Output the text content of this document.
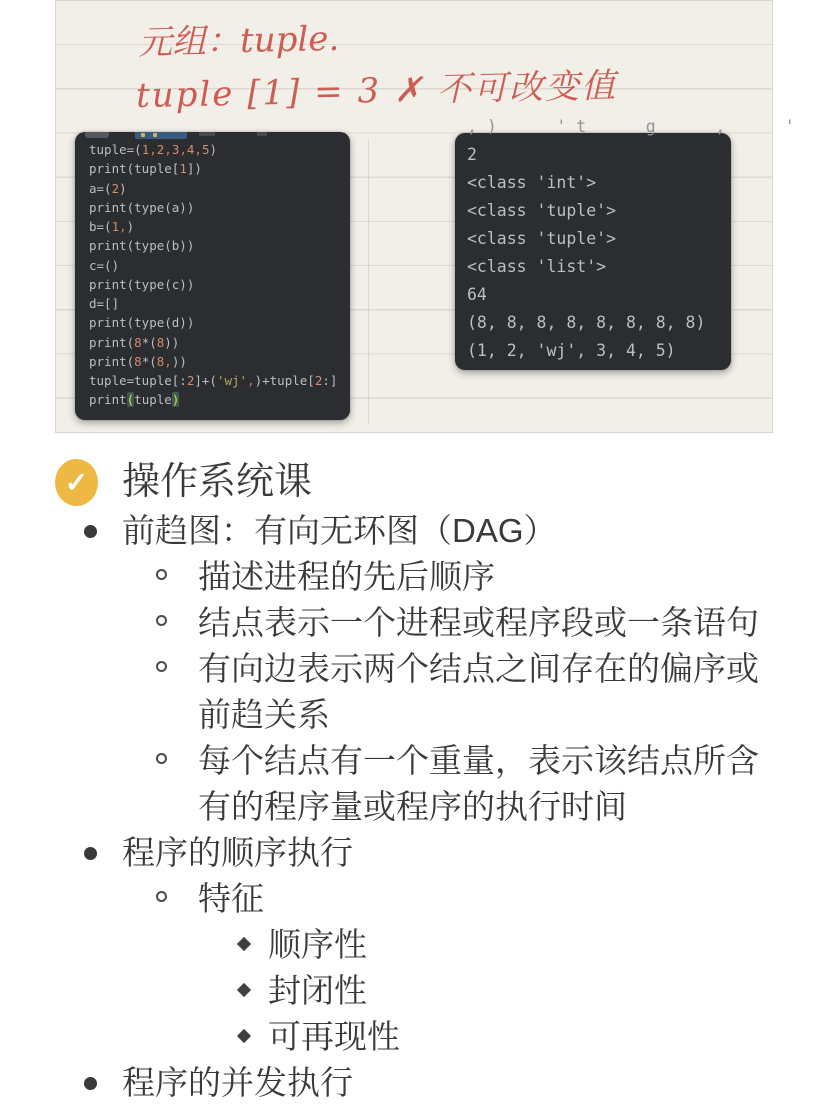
元组：tuple.
tuple [1] = 3 ✗ 不可改变值
tuple=(1,2,3,4,5)
print(tuple[1])
a=(2)
print(type(a))
b=(1,)
print(type(b))
c=()
print(type(c))
d=[]
print(type(d))
print(8*(8))
print(8*(8,))
tuple=tuple[:2]+('wj',)+tuple[2:]
print(tuple)
, )      ' t      g      ,      '
2
<class 'int'>
<class 'tuple'>
<class 'tuple'>
<class 'list'>
64
(8, 8, 8, 8, 8, 8, 8, 8)
(1, 2, 'wj', 3, 4, 5)
✓ 操作系统课
前趋图：有向无环图（DAG）
描述进程的先后顺序
结点表示一个进程或程序段或一条语句
有向边表示两个结点之间存在的偏序或前趋关系
每个结点有一个重量，表示该结点所含有的程序量或程序的执行时间
程序的顺序执行
特征
顺序性
封闭性
可再现性
程序的并发执行
